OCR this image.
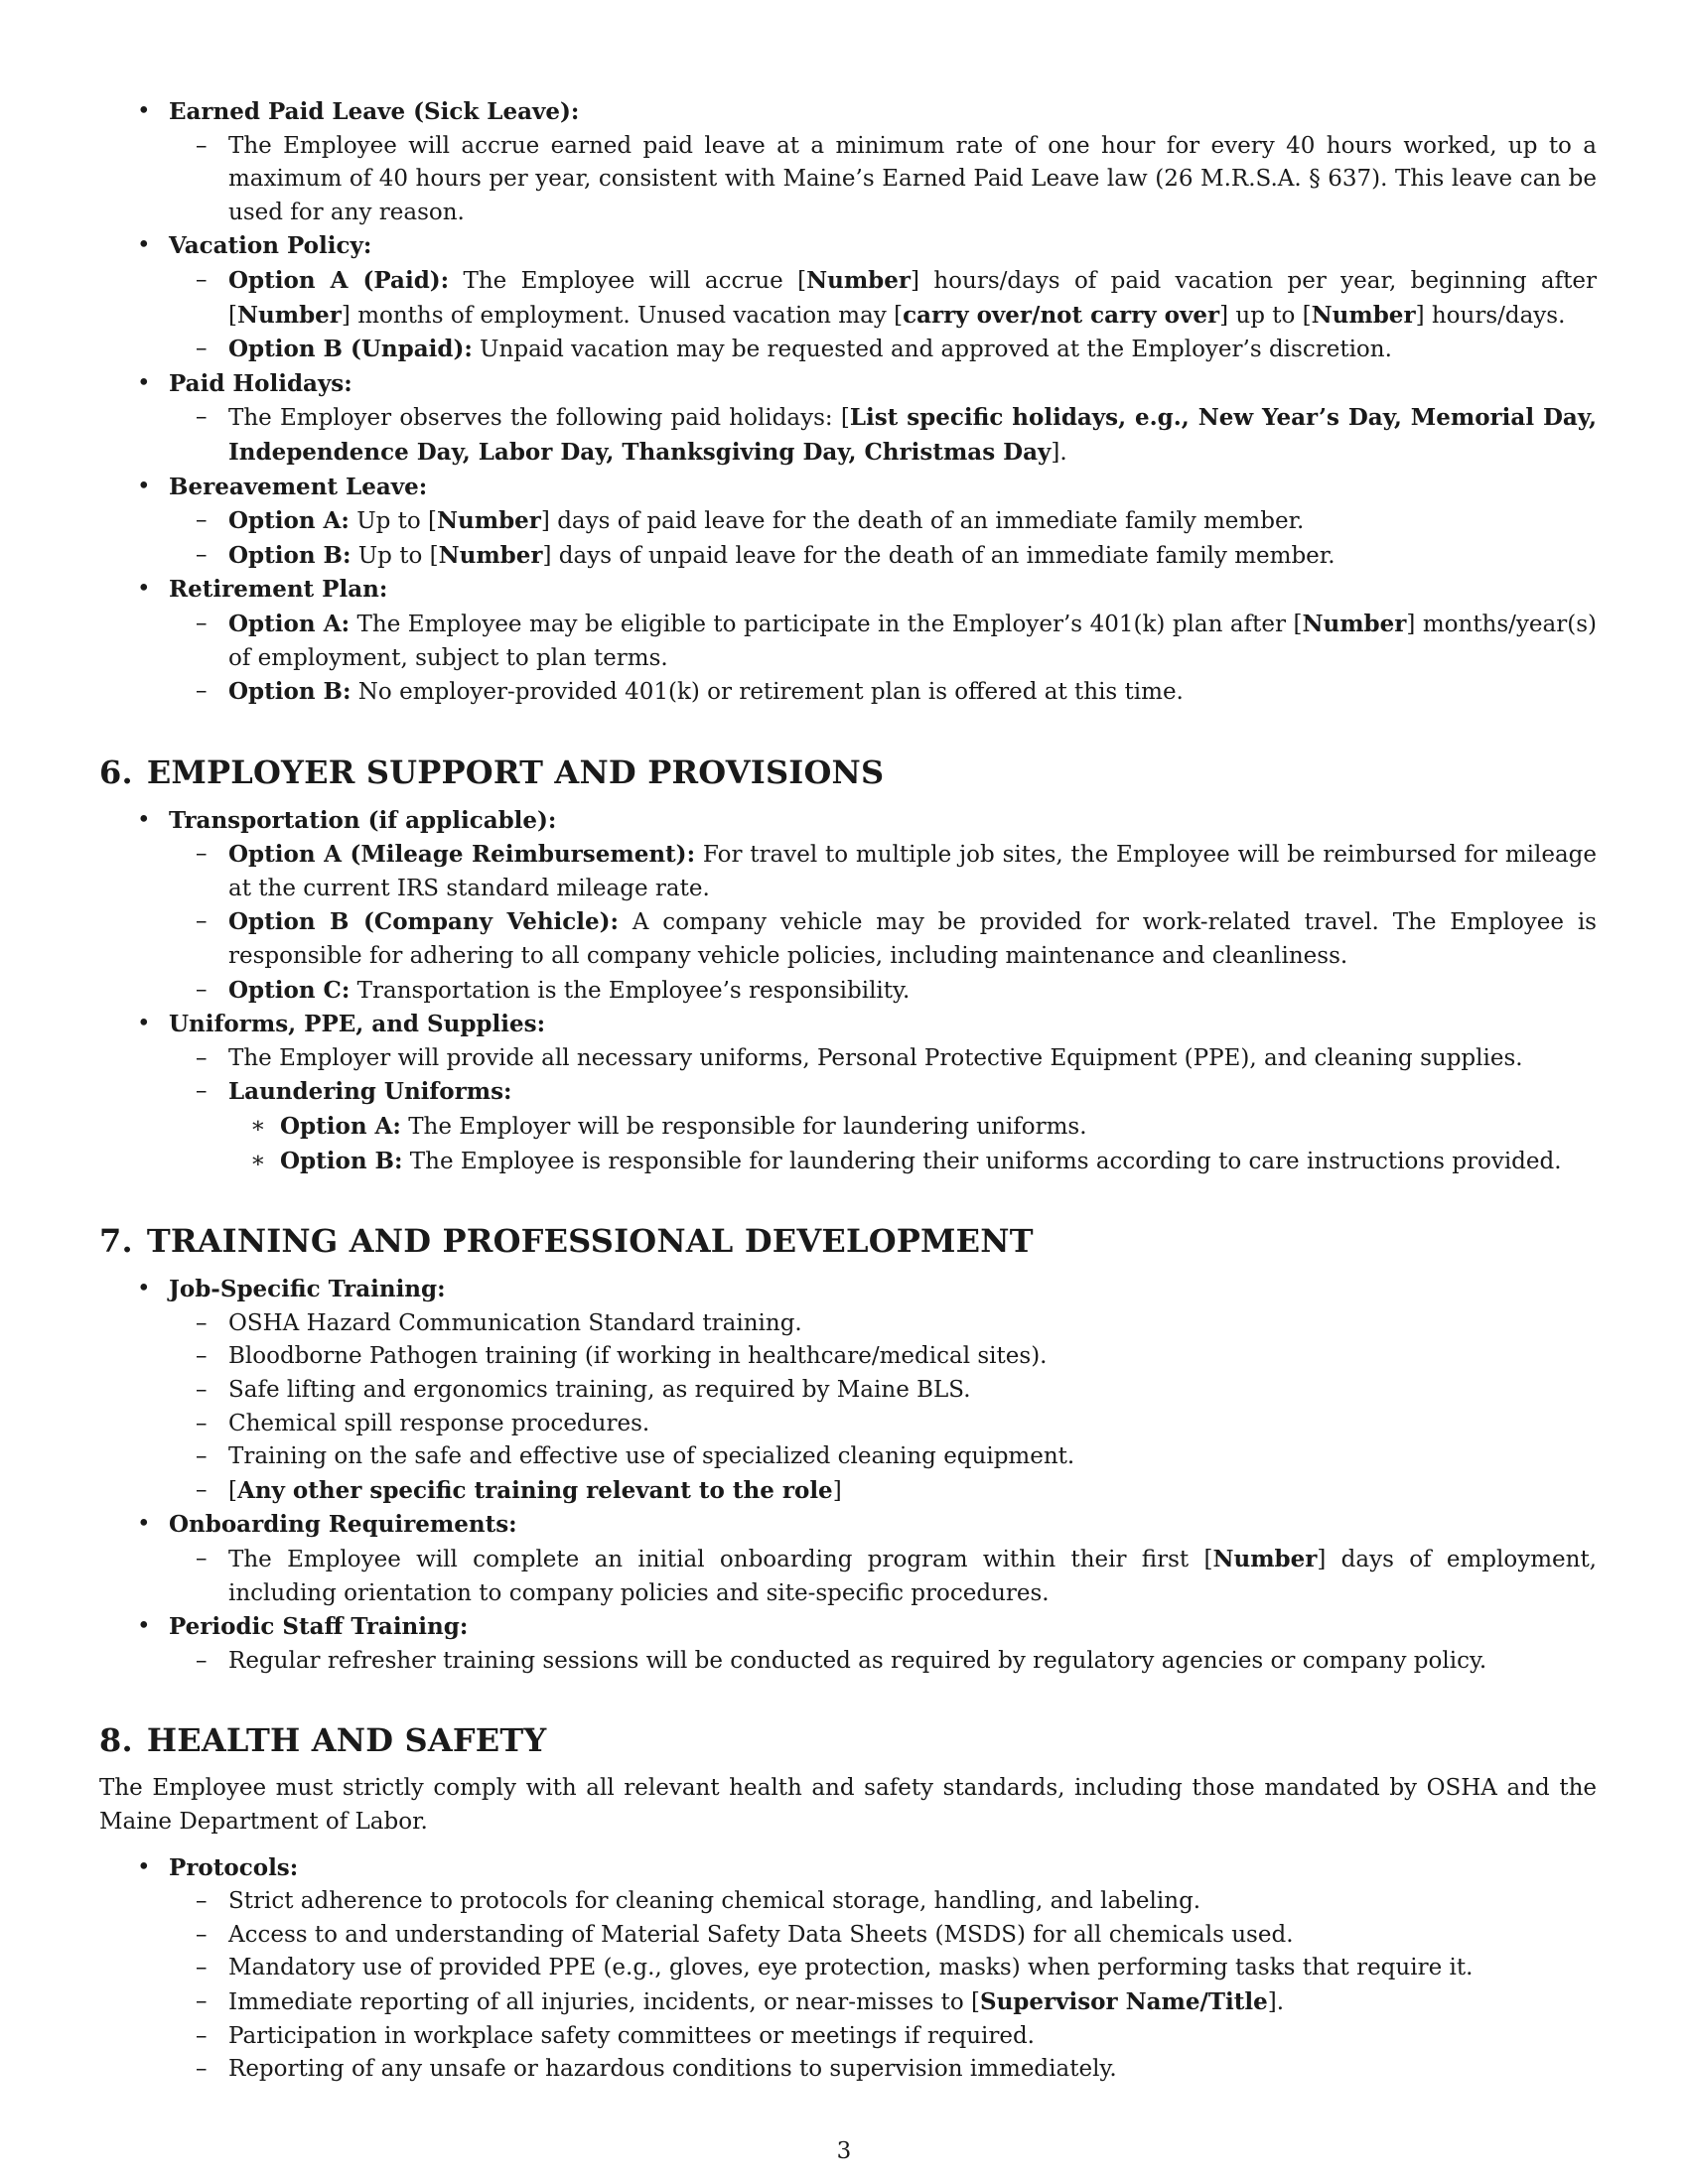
• Earned Paid Leave (Sick Leave):
– The Employee will accrue earned paid leave at a minimum rate of one hour for every 40 hours worked, up to a maximum of 40 hours per year, consistent with Maine’s Earned Paid Leave law (26 M.R.S.A. § 637). This leave can be used for any reason.
• Vacation Policy:
– Option A (Paid): The Employee will accrue [Number] hours/days of paid vacation per year, beginning after [Number] months of employment. Unused vacation may [carry over/not carry over] up to [Number] hours/days.
– Option B (Unpaid): Unpaid vacation may be requested and approved at the Employer’s discretion.
• Paid Holidays:
– The Employer observes the following paid holidays: [List specific holidays, e.g., New Year’s Day, Memorial Day, Independence Day, Labor Day, Thanksgiving Day, Christmas Day].
• Bereavement Leave:
– Option A: Up to [Number] days of paid leave for the death of an immediate family member.
– Option B: Up to [Number] days of unpaid leave for the death of an immediate family member.
• Retirement Plan:
– Option A: The Employee may be eligible to participate in the Employer’s 401(k) plan after [Number] months/year(s) of employment, subject to plan terms.
– Option B: No employer-provided 401(k) or retirement plan is offered at this time.
6. EMPLOYER SUPPORT AND PROVISIONS
• Transportation (if applicable):
– Option A (Mileage Reimbursement): For travel to multiple job sites, the Employee will be reimbursed for mileage at the current IRS standard mileage rate.
– Option B (Company Vehicle): A company vehicle may be provided for work-related travel. The Employee is responsible for adhering to all company vehicle policies, including maintenance and cleanliness.
– Option C: Transportation is the Employee’s responsibility.
• Uniforms, PPE, and Supplies:
– The Employer will provide all necessary uniforms, Personal Protective Equipment (PPE), and cleaning supplies.
– Laundering Uniforms:
∗ Option A: The Employer will be responsible for laundering uniforms.
∗ Option B: The Employee is responsible for laundering their uniforms according to care instructions provided.
7. TRAINING AND PROFESSIONAL DEVELOPMENT
• Job-Specific Training:
– OSHA Hazard Communication Standard training.
– Bloodborne Pathogen training (if working in healthcare/medical sites).
– Safe lifting and ergonomics training, as required by Maine BLS.
– Chemical spill response procedures.
– Training on the safe and effective use of specialized cleaning equipment.
– [Any other specific training relevant to the role]
• Onboarding Requirements:
– The Employee will complete an initial onboarding program within their first [Number] days of employment, including orientation to company policies and site-specific procedures.
• Periodic Staff Training:
– Regular refresher training sessions will be conducted as required by regulatory agencies or company policy.
8. HEALTH AND SAFETY

The Employee must strictly comply with all relevant health and safety standards, including those mandated by OSHA and the Maine Department of Labor.

• Protocols:
– Strict adherence to protocols for cleaning chemical storage, handling, and labeling.
– Access to and understanding of Material Safety Data Sheets (MSDS) for all chemicals used.
– Mandatory use of provided PPE (e.g., gloves, eye protection, masks) when performing tasks that require it.
– Immediate reporting of all injuries, incidents, or near-misses to [Supervisor Name/Title].
– Participation in workplace safety committees or meetings if required.
– Reporting of any unsafe or hazardous conditions to supervision immediately.
3
